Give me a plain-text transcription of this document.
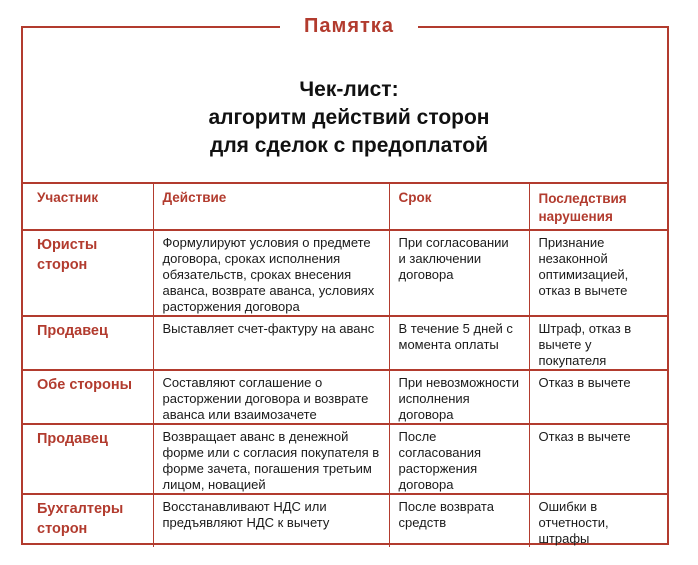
Памятка
Чек-лист:
алгоритм действий сторон
для сделок с предоплатой
Участник	Действие	Срок	Последствия нарушения
Юристы сторон	Формулируют условия о предмете договора, сроках исполнения обязательств, сроках внесения аванса, возврате аванса, условиях расторжения договора	При согласовании и заключении договора	Признание незаконной оптимизацией, отказ в вычете
Продавец	Выставляет счет-фактуру на аванс	В течение 5 дней с момента оплаты	Штраф, отказ в вычете у покупателя
Обе стороны	Составляют соглашение о расторжении договора и возврате аванса или взаимозачете	При невозможности исполнения договора	Отказ в вычете
Продавец	Возвращает аванс в денежной форме или с согласия покупателя в форме зачета, погашения третьим лицом, новацией	После согласования расторжения договора	Отказ в вычете
Бухгалтеры сторон	Восстанавливают НДС или предъявляют НДС к вычету	После возврата средств	Ошибки в отчетности, штрафы
